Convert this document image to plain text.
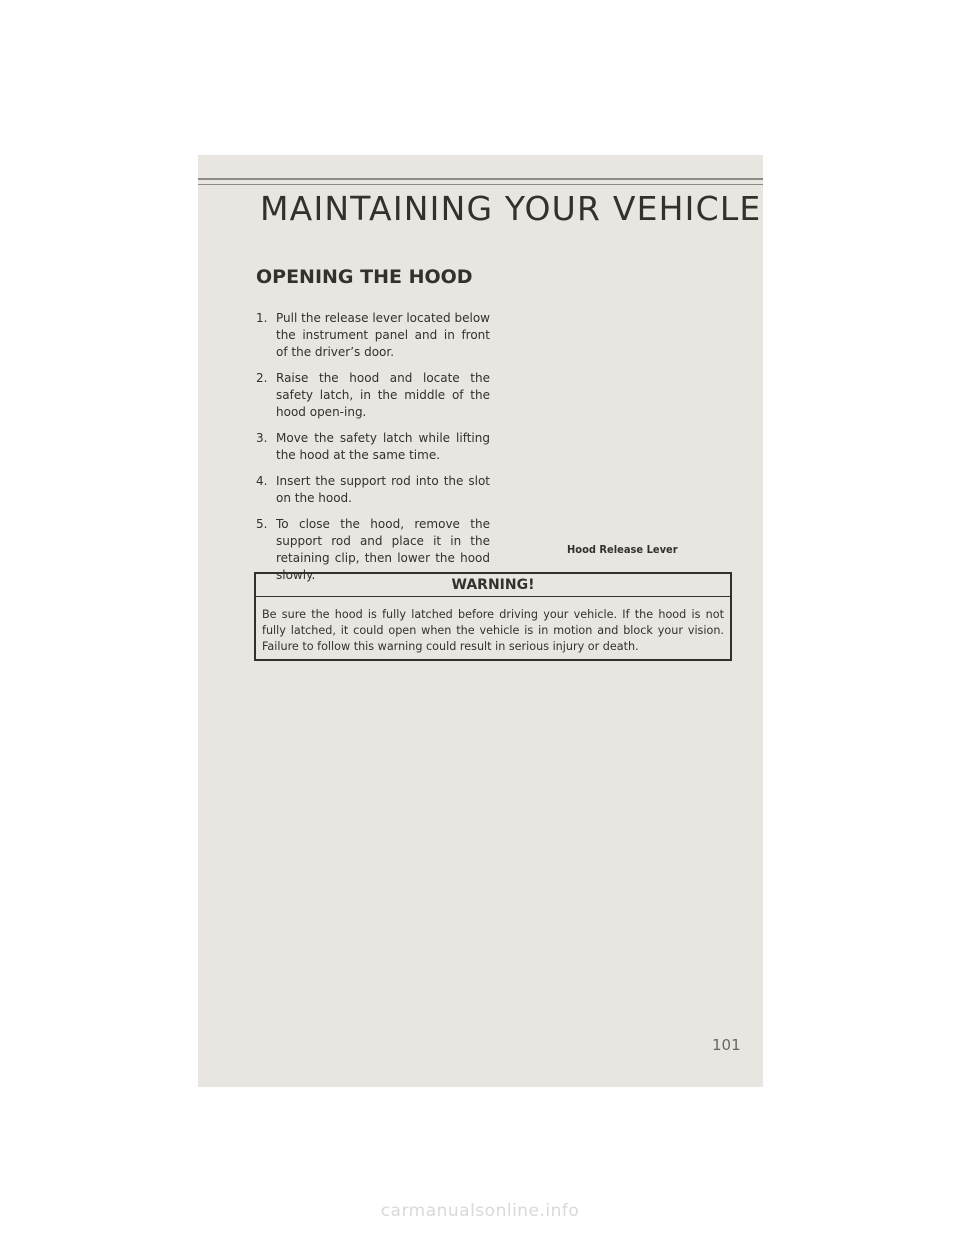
MAINTAINING YOUR VEHICLE
OPENING THE HOOD
1. Pull the release lever located below the instrument panel and in front of the driver’s door.
2. Raise the hood and locate the safety latch, in the middle of the hood open-ing.
3. Move the safety latch while lifting the hood at the same time.
4. Insert the support rod into the slot on the hood.
5. To close the hood, remove the support rod and place it in the retaining clip, then lower the hood slowly.
Hood Release Lever
WARNING!
Be sure the hood is fully latched before driving your vehicle. If the hood is not fully latched, it could open when the vehicle is in motion and block your vision. Failure to follow this warning could result in serious injury or death.
101
carmanualsonline.info
